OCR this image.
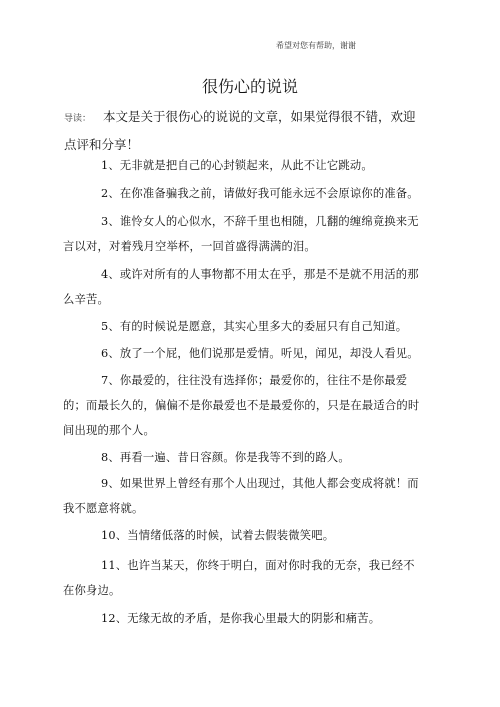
希望对您有帮助，谢谢
很伤心的说说

导读： 本文是关于很伤心的说说的文章，如果觉得很不错，欢迎点评和分享！

1、无非就是把自己的心封锁起来，从此不让它跳动。

2、在你准备骗我之前，请做好我可能永远不会原谅你的准备。

3、谁怜女人的心似水，不辞千里也相随，几翻的缠绵竟换来无言以对，对着残月空举杯，一回首盛得满满的泪。

4、或许对所有的人事物都不用太在乎，那是不是就不用活的那么辛苦。

5、有的时候说是愿意，其实心里多大的委屈只有自己知道。

6、放了一个屁，他们说那是爱情。听见，闻见，却没人看见。

7、你最爱的，往往没有选择你；最爱你的，往往不是你最爱的；而最长久的，偏偏不是你最爱也不是最爱你的，只是在最适合的时间出现的那个人。

8、再看一遍、昔日容颜。你是我等不到的路人。

9、如果世界上曾经有那个人出现过，其他人都会变成将就！而我不愿意将就。

10、当情绪低落的时候，试着去假装微笑吧。

11、也许当某天，你终于明白，面对你时我的无奈，我已经不在你身边。

12、无缘无故的矛盾，是你我心里最大的阴影和痛苦。
